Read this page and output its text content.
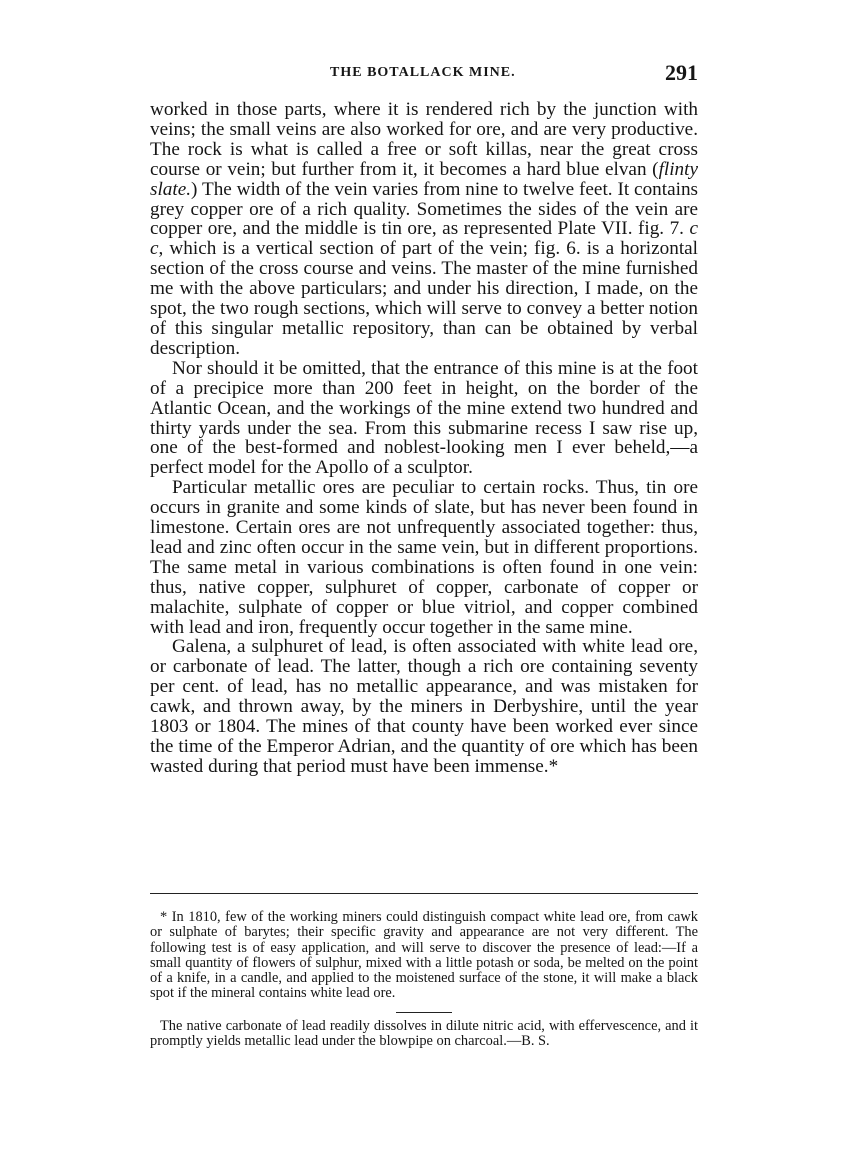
THE BOTALLACK MINE.	291

worked in those parts, where it is rendered rich by the junction with veins; the small veins are also worked for ore, and are very productive. The rock is what is called a free or soft killas, near the great cross course or vein; but further from it, it becomes a hard blue elvan (flinty slate.) The width of the vein varies from nine to twelve feet. It contains grey copper ore of a rich quality. Sometimes the sides of the vein are copper ore, and the middle is tin ore, as represented Plate VII. fig. 7. c c, which is a vertical section of part of the vein; fig. 6. is a horizontal section of the cross course and veins. The master of the mine furnished me with the above particulars; and under his direction, I made, on the spot, the two rough sections, which will serve to convey a better notion of this singular metallic repository, than can be obtained by verbal description.

Nor should it be omitted, that the entrance of this mine is at the foot of a precipice more than 200 feet in height, on the border of the Atlantic Ocean, and the workings of the mine extend two hundred and thirty yards under the sea. From this submarine recess I saw rise up, one of the best-formed and noblest-looking men I ever beheld,—a perfect model for the Apollo of a sculptor.

Particular metallic ores are peculiar to certain rocks. Thus, tin ore occurs in granite and some kinds of slate, but has never been found in limestone. Certain ores are not unfrequently associated together: thus, lead and zinc often occur in the same vein, but in different proportions. The same metal in various combinations is often found in one vein: thus, native copper, sulphuret of copper, carbonate of copper or malachite, sulphate of copper or blue vitriol, and copper combined with lead and iron, frequently occur together in the same mine.

Galena, a sulphuret of lead, is often associated with white lead ore, or carbonate of lead. The latter, though a rich ore containing seventy per cent. of lead, has no metallic appearance, and was mistaken for cawk, and thrown away, by the miners in Derbyshire, until the year 1803 or 1804. The mines of that county have been worked ever since the time of the Emperor Adrian, and the quantity of ore which has been wasted during that period must have been immense.*

* In 1810, few of the working miners could distinguish compact white lead ore, from cawk or sulphate of barytes; their specific gravity and appearance are not very different. The following test is of easy application, and will serve to discover the presence of lead:—If a small quantity of flowers of sulphur, mixed with a little potash or soda, be melted on the point of a knife, in a candle, and applied to the moistened surface of the stone, it will make a black spot if the mineral contains white lead ore.

The native carbonate of lead readily dissolves in dilute nitric acid, with effervescence, and it promptly yields metallic lead under the blowpipe on charcoal.—B. S.
